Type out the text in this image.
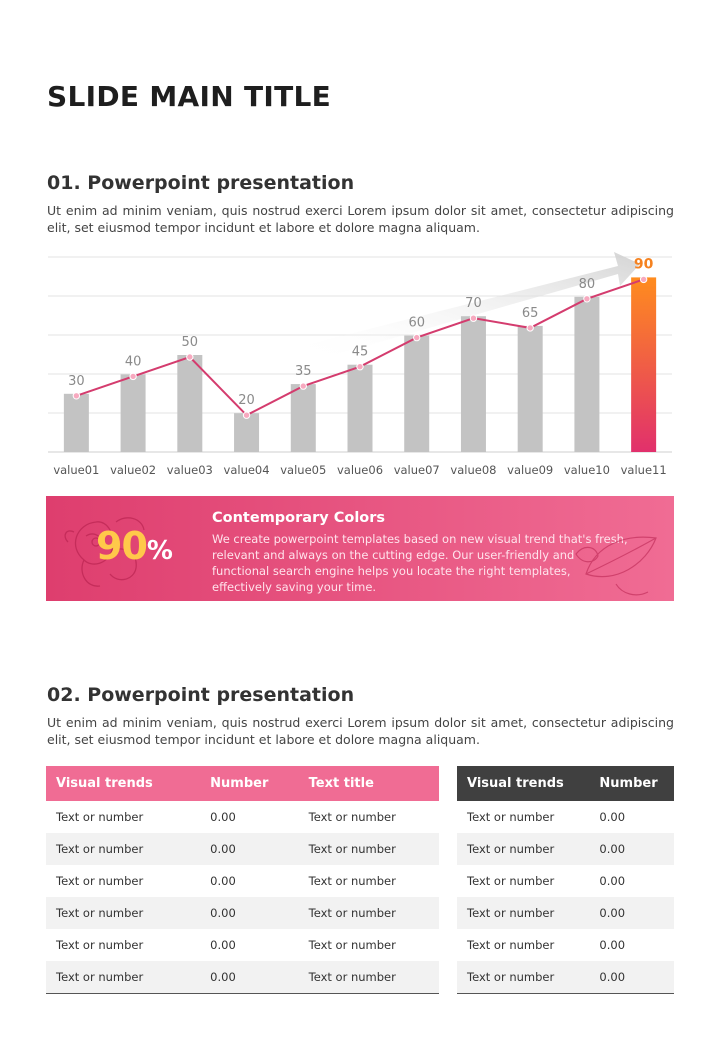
SLIDE MAIN TITLE
01. Powerpoint presentation
Ut enim ad minim veniam, quis nostrud exerci Lorem ipsum dolor sit amet, consectetur adipiscing elit, set eiusmod tempor incidunt et labore et dolore magna aliquam.
30
40
50
20
35
45
60
70
65
80
90
value01 value02 value03 value04 value05 value06 value07 value08 value09 value10 value11
90%
Contemporary Colors
We create powerpoint templates based on new visual trend that's fresh, relevant and always on the cutting edge. Our user-friendly and functional search engine helps you locate the right templates, effectively saving your time.
02. Powerpoint presentation
Ut enim ad minim veniam, quis nostrud exerci Lorem ipsum dolor sit amet, consectetur adipiscing elit, set eiusmod tempor incidunt et labore et dolore magna aliquam.
Visual trends	Number	Text title
Text or number	0.00	Text or number
Text or number	0.00	Text or number
Text or number	0.00	Text or number
Text or number	0.00	Text or number
Text or number	0.00	Text or number
Text or number	0.00	Text or number
Visual trends	Number
Text or number	0.00
Text or number	0.00
Text or number	0.00
Text or number	0.00
Text or number	0.00
Text or number	0.00
